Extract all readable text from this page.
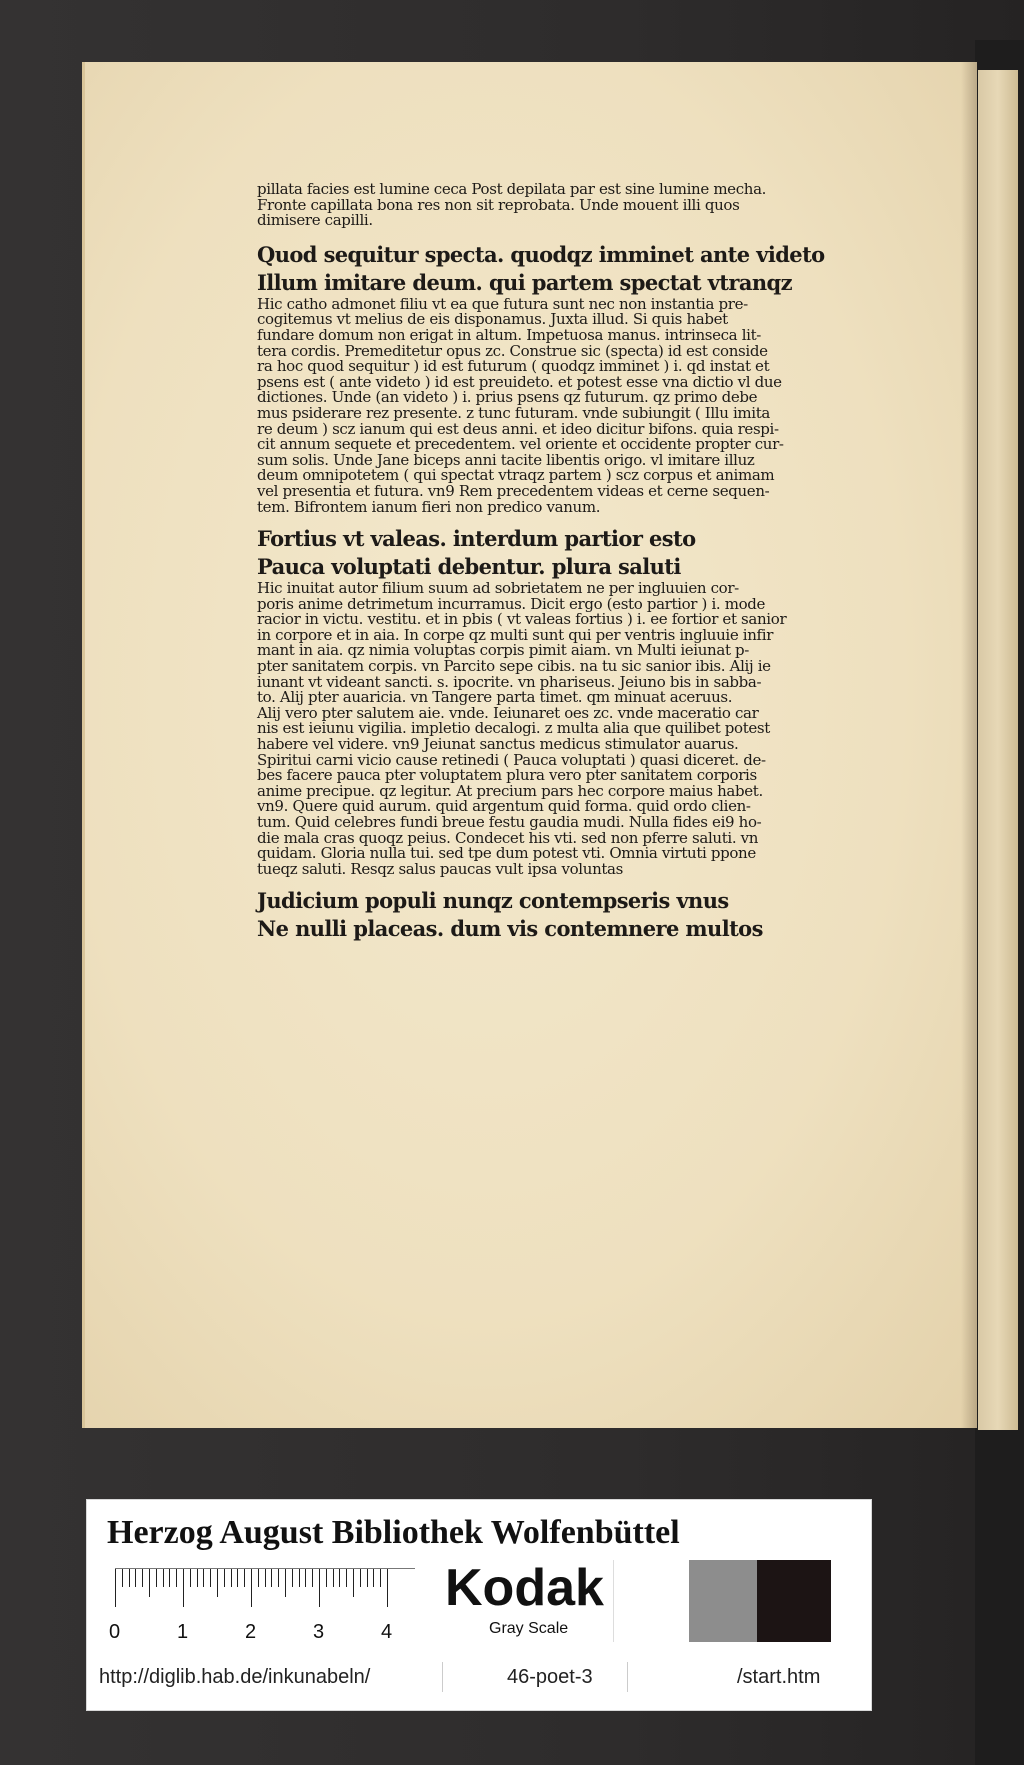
pillata facies est lumine ceca Post depilata par est sine lumine mecha.

Fronte capillata bona res non sit reprobata. Unde mouent illi quos

dimisere capilli.

Quod sequitur specta. quodqz imminet ante videto

Illum imitare deum. qui partem spectat vtranqz

Hic catho admonet filiu vt ea que futura sunt nec non instantia pre-

cogitemus vt melius de eis disponamus. Juxta illud. Si quis habet

fundare domum non erigat in altum. Impetuosa manus. intrinseca lit-

tera cordis. Premeditetur opus zc. Construe sic (specta) id est conside

ra hoc quod sequitur ) id est futurum ( quodqz imminet ) i. qd instat et

psens est ( ante videto ) id est preuideto. et potest esse vna dictio vl due

dictiones. Unde (an videto ) i. prius psens qz futurum. qz primo debe

mus psiderare rez presente. z tunc futuram. vnde subiungit ( Illu imita

re deum ) scz ianum qui est deus anni. et ideo dicitur bifons. quia respi-

cit annum sequete et precedentem. vel oriente et occidente propter cur-

sum solis. Unde Jane biceps anni tacite libentis origo. vl imitare illuz

deum omnipotetem ( qui spectat vtraqz partem ) scz corpus et animam

vel presentia et futura. vn9 Rem precedentem videas et cerne sequen-

tem. Bifrontem ianum fieri non predico vanum.

Fortius vt valeas. interdum partior esto

Pauca voluptati debentur. plura saluti

Hic inuitat autor filium suum ad sobrietatem ne per ingluuien cor-

poris anime detrimetum incurramus. Dicit ergo (esto partior ) i. mode

racior in victu. vestitu. et in pbis ( vt valeas fortius ) i. ee fortior et sanior

in corpore et in aia. In corpe qz multi sunt qui per ventris ingluuie infir

mant in aia. qz nimia voluptas corpis pimit aiam. vn Multi ieiunat p-

pter sanitatem corpis. vn Parcito sepe cibis. na tu sic sanior ibis. Alij ie

iunant vt videant sancti. s. ipocrite. vn phariseus. Jeiuno bis in sabba-

to. Alij pter auaricia. vn Tangere parta timet. qm minuat aceruus.

Alij vero pter salutem aie. vnde. Ieiunaret oes zc. vnde maceratio car

nis est ieiunu vigilia. impletio decalogi. z multa alia que quilibet potest

habere vel videre. vn9 Jeiunat sanctus medicus stimulator auarus.

Spiritui carni vicio cause retinedi ( Pauca voluptati ) quasi diceret. de-

bes facere pauca pter voluptatem plura vero pter sanitatem corporis

anime precipue. qz legitur. At precium pars hec corpore maius habet.

vn9. Quere quid aurum. quid argentum quid forma. quid ordo clien-

tum. Quid celebres fundi breue festu gaudia mudi. Nulla fides ei9 ho-

die mala cras quoqz peius. Condecet his vti. sed non pferre saluti. vn

quidam. Gloria nulla tui. sed tpe dum potest vti. Omnia virtuti ppone

tueqz saluti. Resqz salus paucas vult ipsa voluntas

Judicium populi nunqz contempseris vnus

Ne nulli placeas. dum vis contemnere multos

Herzog August Bibliothek Wolfenbüttel
0	1	2	3	4
Kodak
Gray Scale
http://diglib.hab.de/inkunabeln/	46-poet-3	/start.htm
